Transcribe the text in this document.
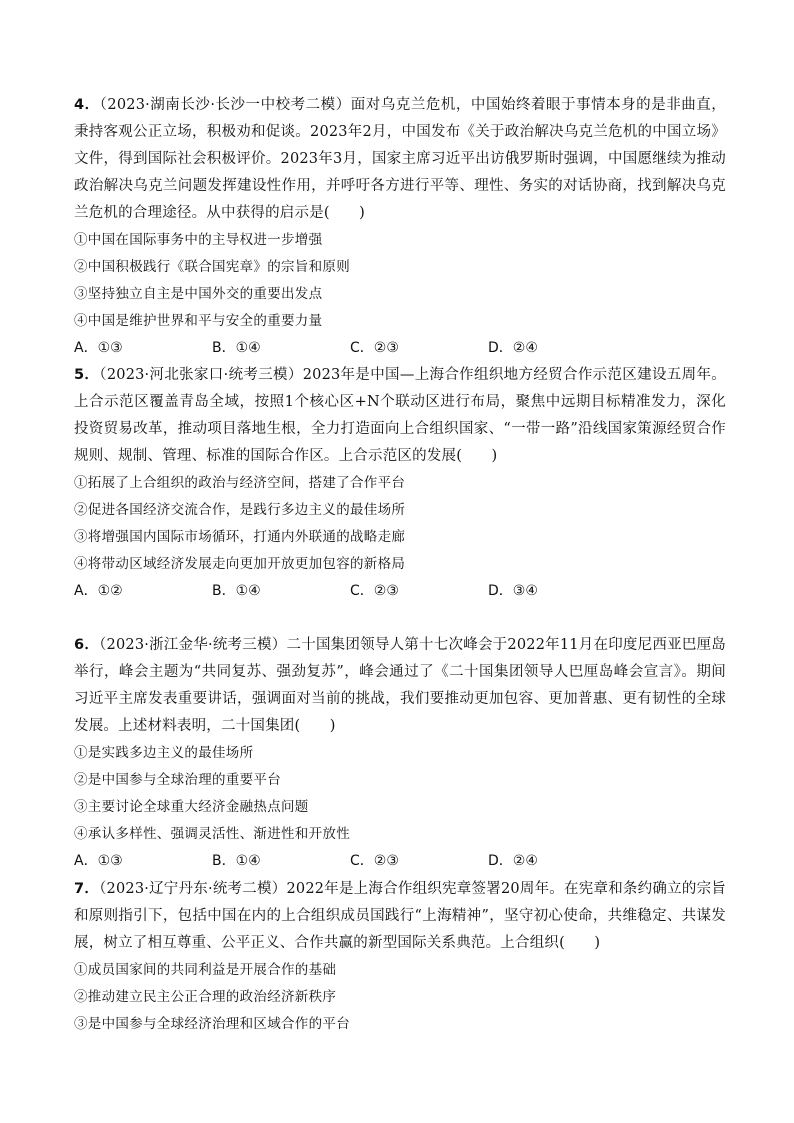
4．（2023·湖南长沙·长沙一中校考二模）面对乌克兰危机，中国始终着眼于事情本身的是非曲直，秉持客观公正立场，积极劝和促谈。2023年2月，中国发布《关于政治解决乌克兰危机的中国立场》文件，得到国际社会积极评价。2023年3月，国家主席习近平出访俄罗斯时强调，中国愿继续为推动政治解决乌克兰问题发挥建设性作用，并呼吁各方进行平等、理性、务实的对话协商，找到解决乌克兰危机的合理途径。从中获得的启示是(　　)

①中国在国际事务中的主导权进一步增强

②中国积极践行《联合国宪章》的宗旨和原则

③坚持独立自主是中国外交的重要出发点

④中国是维护世界和平与安全的重要力量

A．①③	B．①④	C．②③	D．②④

5．（2023·河北张家口·统考三模）2023年是中国—上海合作组织地方经贸合作示范区建设五周年。上合示范区覆盖青岛全域，按照1个核心区+N个联动区进行布局，聚焦中远期目标精准发力，深化投资贸易改革，推动项目落地生根，全力打造面向上合组织国家、“一带一路”沿线国家策源经贸合作规则、规制、管理、标准的国际合作区。上合示范区的发展(　　)

①拓展了上合组织的政治与经济空间，搭建了合作平台

②促进各国经济交流合作，是践行多边主义的最佳场所

③将增强国内国际市场循环，打通内外联通的战略走廊

④将带动区域经济发展走向更加开放更加包容的新格局

A．①②	B．①④	C．②③	D．③④

6．（2023·浙江金华·统考三模）二十国集团领导人第十七次峰会于2022年11月在印度尼西亚巴厘岛举行，峰会主题为“共同复苏、强劲复苏”，峰会通过了《二十国集团领导人巴厘岛峰会宣言》。期间习近平主席发表重要讲话，强调面对当前的挑战，我们要推动更加包容、更加普惠、更有韧性的全球发展。上述材料表明，二十国集团(　　)

①是实践多边主义的最佳场所

②是中国参与全球治理的重要平台

③主要讨论全球重大经济金融热点问题

④承认多样性、强调灵活性、渐进性和开放性

A．①③	B．①④	C．②③	D．②④

7．（2023·辽宁丹东·统考二模）2022年是上海合作组织宪章签署20周年。在宪章和条约确立的宗旨和原则指引下，包括中国在内的上合组织成员国践行“上海精神”，坚守初心使命，共维稳定、共谋发展，树立了相互尊重、公平正义、合作共赢的新型国际关系典范。上合组织(　　)

①成员国家间的共同利益是开展合作的基础

②推动建立民主公正合理的政治经济新秩序

③是中国参与全球经济治理和区域合作的平台
